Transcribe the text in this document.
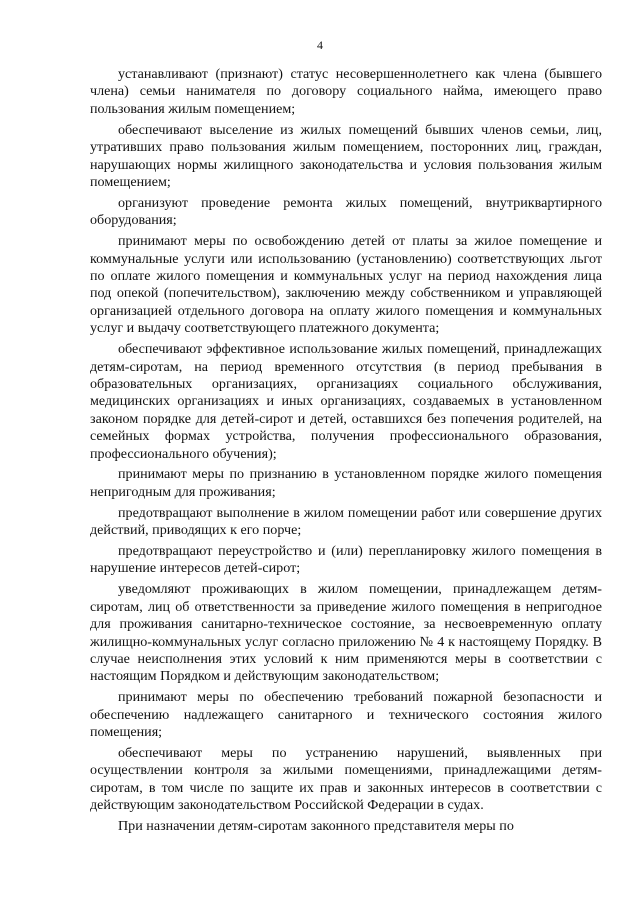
4

устанавливают (признают) статус несовершеннолетнего как члена (бывшего члена) семьи нанимателя по договору социального найма, имеющего право пользования жилым помещением;

обеспечивают выселение из жилых помещений бывших членов семьи, лиц, утративших право пользования жилым помещением, посторонних лиц, граждан, нарушающих нормы жилищного законодательства и условия пользования жилым помещением;

организуют проведение ремонта жилых помещений, внутриквартирного оборудования;

принимают меры по освобождению детей от платы за жилое помещение и коммунальные услуги или использованию (установлению) соответствующих льгот по оплате жилого помещения и коммунальных услуг на период нахождения лица под опекой (попечительством), заключению между собственником и управляющей организацией отдельного договора на оплату жилого помещения и коммунальных услуг и выдачу соответствующего платежного документа;

обеспечивают эффективное использование жилых помещений, принадлежащих детям-сиротам, на период временного отсутствия (в период пребывания в образовательных организациях, организациях социального обслуживания, медицинских организациях и иных организациях, создаваемых в установленном законом порядке для детей-сирот и детей, оставшихся без попечения родителей, на семейных формах устройства, получения профессионального образования, профессионального обучения);

принимают меры по признанию в установленном порядке жилого помещения непригодным для проживания;

предотвращают выполнение в жилом помещении работ или совершение других действий, приводящих к его порче;

предотвращают переустройство и (или) перепланировку жилого помещения в нарушение интересов детей-сирот;

уведомляют проживающих в жилом помещении, принадлежащем детям-сиротам, лиц об ответственности за приведение жилого помещения в непригодное для проживания санитарно-техническое состояние, за несвоевременную оплату жилищно-коммунальных услуг согласно приложению № 4 к настоящему Порядку. В случае неисполнения этих условий к ним применяются меры в соответствии с настоящим Порядком и действующим законодательством;

принимают меры по обеспечению требований пожарной безопасности и обеспечению надлежащего санитарного и технического состояния жилого помещения;

обеспечивают меры по устранению нарушений, выявленных при осуществлении контроля за жилыми помещениями, принадлежащими детям-сиротам, в том числе по защите их прав и законных интересов в соответствии с действующим законодательством Российской Федерации в судах.

При назначении детям-сиротам законного представителя меры по
